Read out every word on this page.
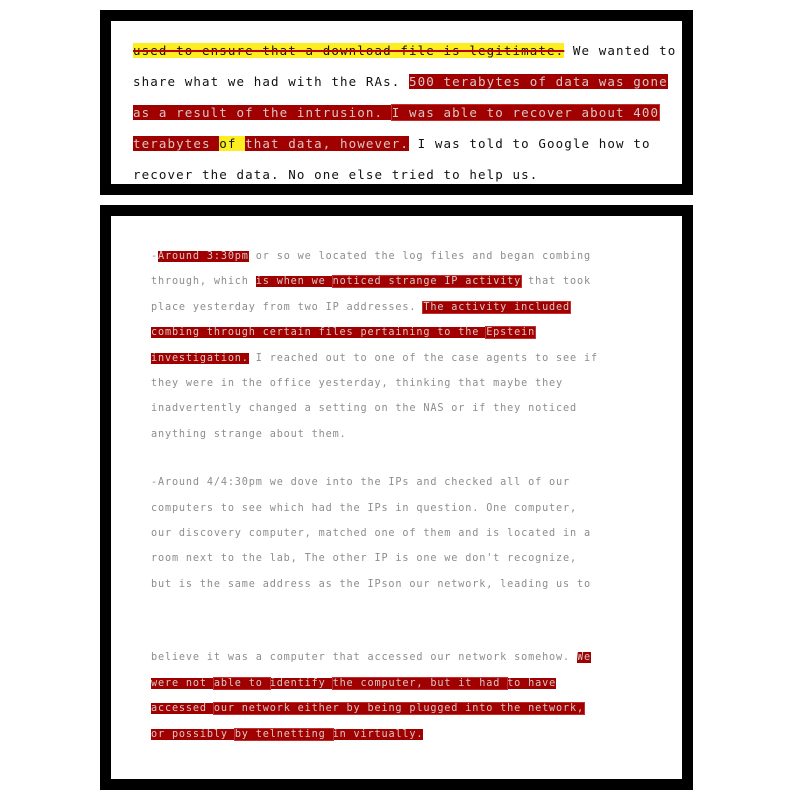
used to ensure that a download file is legitimate. We wanted to
share what we had with the RAs. 500 terabytes of data was gone
as a result of the intrusion. I was able to recover about 400
terabytes of that data, however. I was told to Google how to
recover the data. No one else tried to help us.
-Around 3:30pm or so we located the log files and began combing
through, which is when we noticed strange IP activity that took
place yesterday from two IP addresses. The activity included
combing through certain files pertaining to the Epstein
investigation. I reached out to one of the case agents to see if
they were in the office yesterday, thinking that maybe they
inadvertently changed a setting on the NAS or if they noticed
anything strange about them.
-Around 4/4:30pm we dove into the IPs and checked all of our
computers to see which had the IPs in question. One computer,
our discovery computer, matched one of them and is located in a
room next to the lab, The other IP is one we don't recognize,
but is the same address as the IPson our network, leading us to
believe it was a computer that accessed our network somehow. We
were not able to identify the computer, but it had to have
accessed our network either by being plugged into the network,
or possibly by telnetting in virtually.
